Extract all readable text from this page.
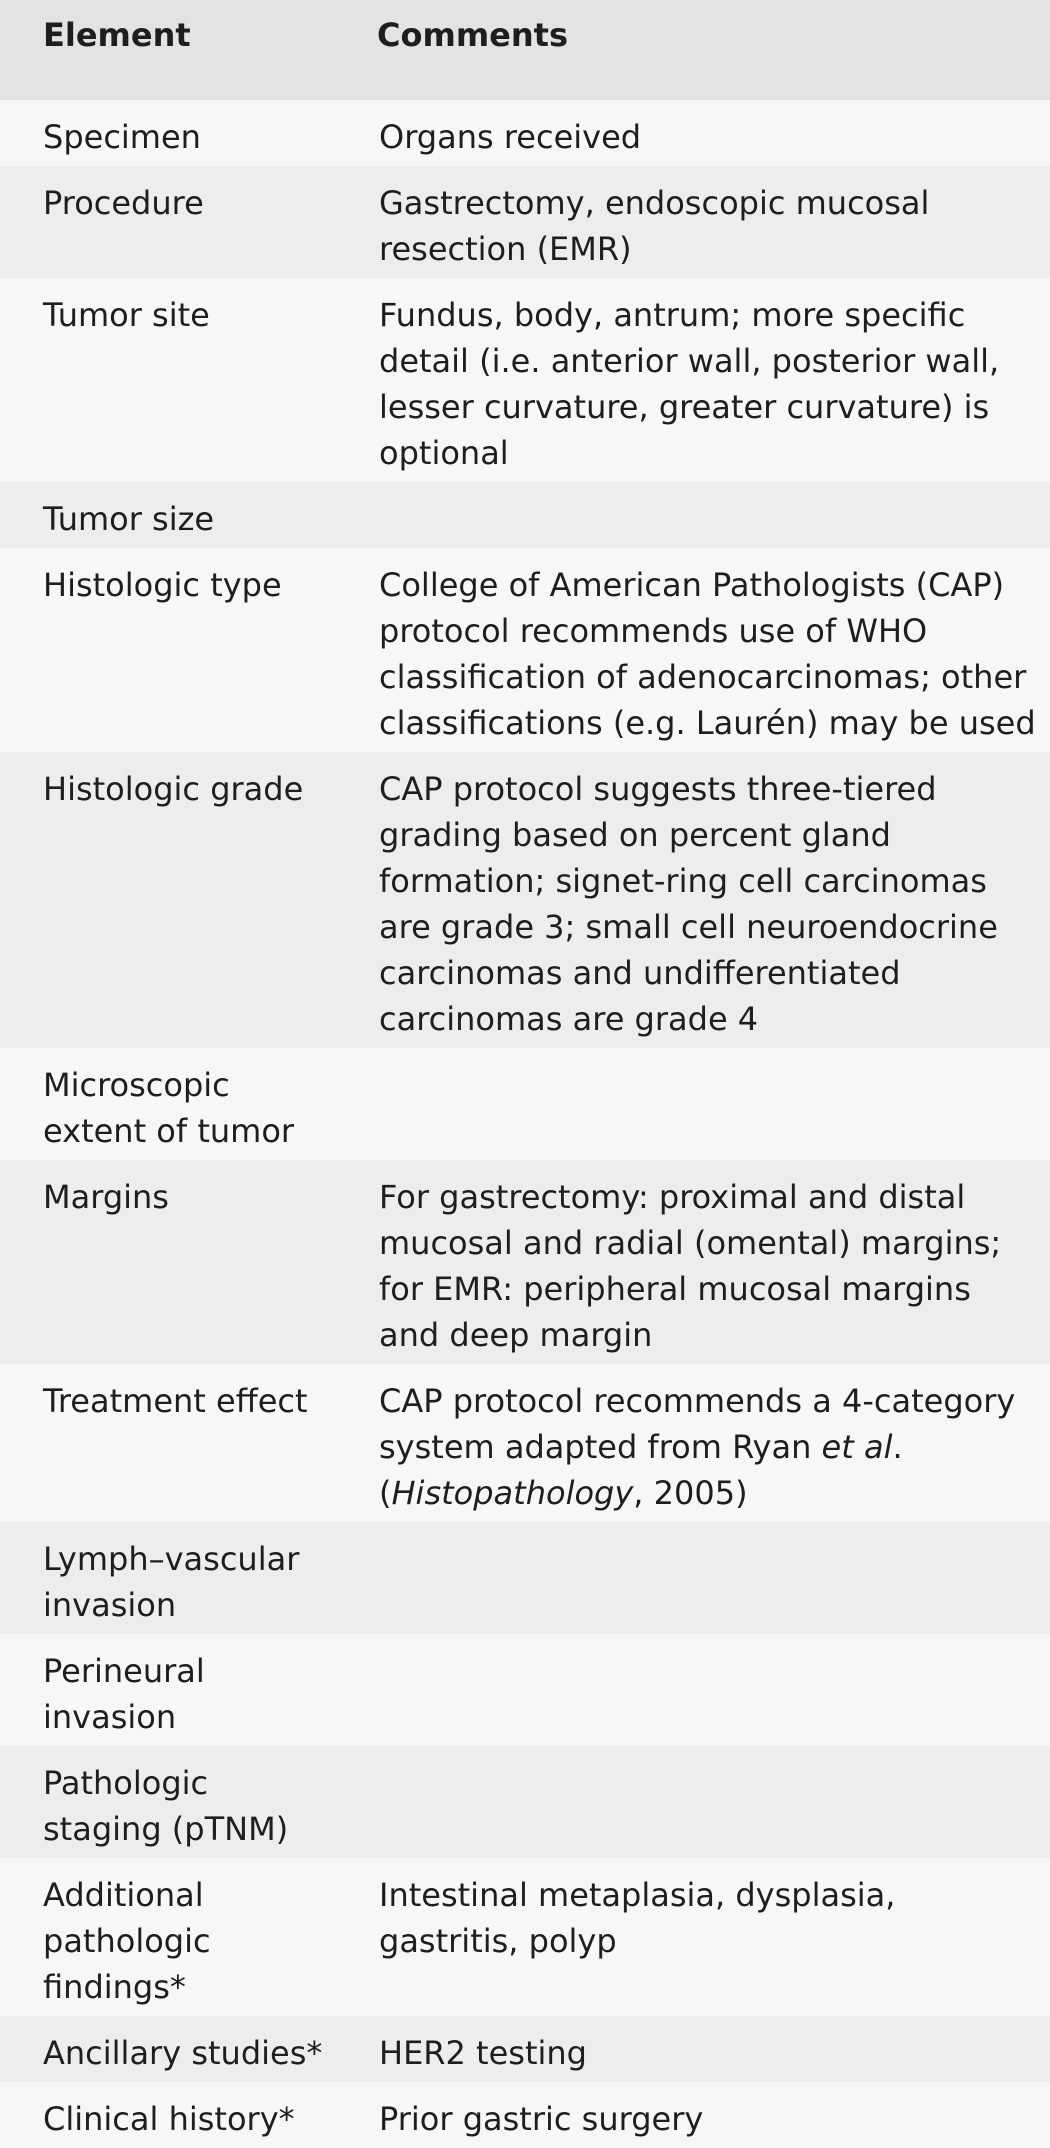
Element	Comments
Specimen	Organs received
Procedure	Gastrectomy, endoscopic mucosal resection (EMR)
Tumor site	Fundus, body, antrum; more specific detail (i.e. anterior wall, posterior wall, lesser curvature, greater curvature) is optional
Tumor size	
Histologic type	College of American Pathologists (CAP) protocol recommends use of WHO classification of adenocarcinomas; other classifications (e.g. Laurén) may be used
Histologic grade	CAP protocol suggests three-tiered grading based on percent gland formation; signet-ring cell carcinomas are grade 3; small cell neuroendocrine carcinomas and undifferentiated carcinomas are grade 4
Microscopic extent of tumor	
Margins	For gastrectomy: proximal and distal mucosal and radial (omental) margins; for EMR: peripheral mucosal margins and deep margin
Treatment effect	CAP protocol recommends a 4-category system adapted from Ryan et al. (Histopathology, 2005)
Lymph–vascular invasion	
Perineural invasion	
Pathologic staging (pTNM)	
Additional pathologic findings*	Intestinal metaplasia, dysplasia, gastritis, polyp
Ancillary studies*	HER2 testing
Clinical history*	Prior gastric surgery
